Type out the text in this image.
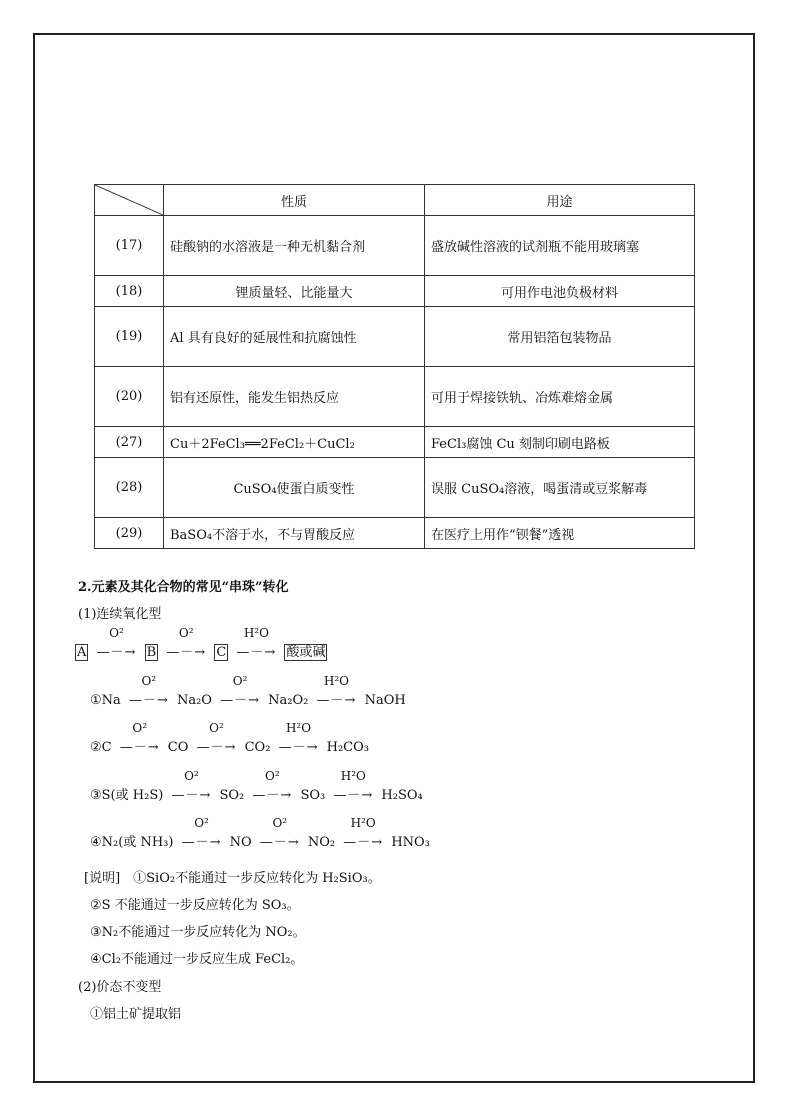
	性质	用途
(17)	硅酸钠的水溶液是一种无机黏合剂	盛放碱性溶液的试剂瓶不能用玻璃塞
(18)	锂质量轻、比能量大	可用作电池负极材料
(19)	Al 具有良好的延展性和抗腐蚀性	常用铝箔包装物品
(20)	铝有还原性，能发生铝热反应	可用于焊接铁轨、冶炼难熔金属
(27)	Cu＋2FeCl₃══2FeCl₂＋CuCl₂	FeCl₃腐蚀 Cu 刻制印刷电路板
(28)	CuSO₄使蛋白质变性	误服 CuSO₄溶液，喝蛋清或豆浆解毒
(29)	BaSO₄不溶于水，不与胃酸反应	在医疗上用作“钡餐”透视
2.元素及其化合物的常见“串珠”转化
(1)连续氧化型
A
O²
—－→ B
O²
—－→ C
H²O
—－→ 酸或碱
①Na
O²
—－→ Na₂O
O²
—－→ Na₂O₂
H²O
—－→ NaOH
②C
O²
—－→ CO
O²
—－→ CO₂
H²O
—－→ H₂CO₃
③S(或 H₂S)
O²
—－→ SO₂
O²
—－→ SO₃
H²O
—－→ H₂SO₄
④N₂(或 NH₃)
O²
—－→ NO
O²
—－→ NO₂
H²O
—－→ HNO₃
[说明]　①SiO₂不能通过一步反应转化为 H₂SiO₃。
②S 不能通过一步反应转化为 SO₃。
③N₂不能通过一步反应转化为 NO₂。
④Cl₂不能通过一步反应生成 FeCl₂。
(2)价态不变型
①铝土矿提取铝
